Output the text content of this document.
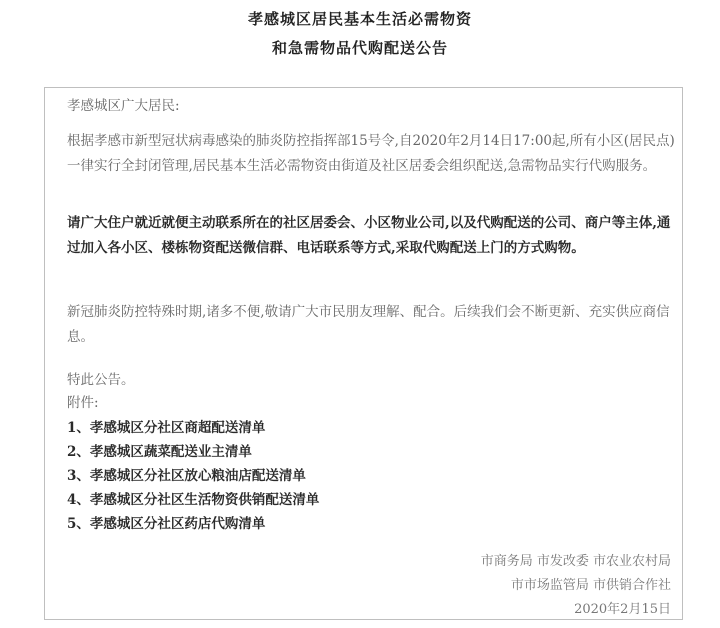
孝感城区居民基本生活必需物资
和急需物品代购配送公告
孝感城区广大居民:
根据孝感市新型冠状病毒感染的肺炎防控指挥部15号令,自2020年2月14日17:00起,所有小区(居民点)一律实行全封闭管理,居民基本生活必需物资由街道及社区居委会组织配送,急需物品实行代购服务。
请广大住户就近就便主动联系所在的社区居委会、小区物业公司,以及代购配送的公司、商户等主体,通过加入各小区、楼栋物资配送微信群、电话联系等方式,采取代购配送上门的方式购物。
新冠肺炎防控特殊时期,诸多不便,敬请广大市民朋友理解、配合。后续我们会不断更新、充实供应商信息。
特此公告。
附件:
1、孝感城区分社区商超配送清单
2、孝感城区蔬菜配送业主清单
3、孝感城区分社区放心粮油店配送清单
4、孝感城区分社区生活物资供销配送清单
5、孝感城区分社区药店代购清单
市商务局 市发改委 市农业农村局
市市场监管局 市供销合作社
2020年2月15日
